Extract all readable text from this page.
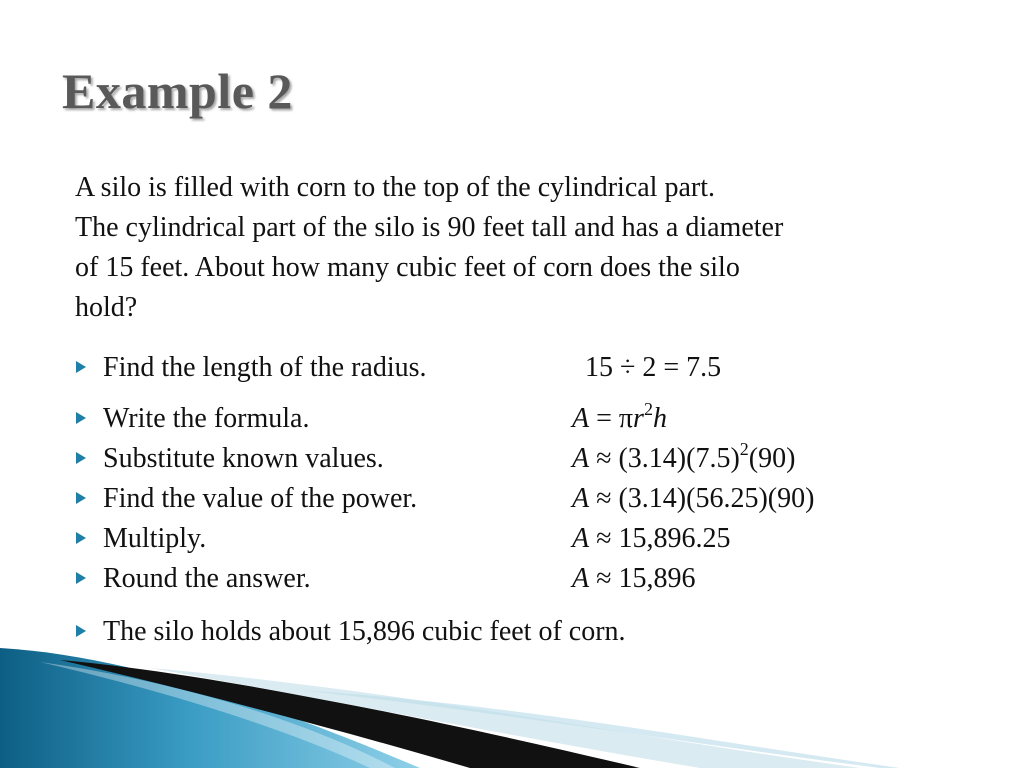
Example 2
A silo is filled with corn to the top of the cylindrical part.
The cylindrical part of the silo is 90 feet tall and has a diameter
of 15 feet. About how many cubic feet of corn does the silo
hold?
Find the length of the radius.	15 ÷ 2 = 7.5
Write the formula.	$A = \pi r^2h$
Substitute known values.	$A \approx (3.14)(7.5)^2(90)$
Find the value of the power.	A ≈ (3.14)(56.25)(90)
Multiply.	A ≈ 15,896.25
Round the answer.	A ≈ 15,896
The silo holds about 15,896 cubic feet of corn.
